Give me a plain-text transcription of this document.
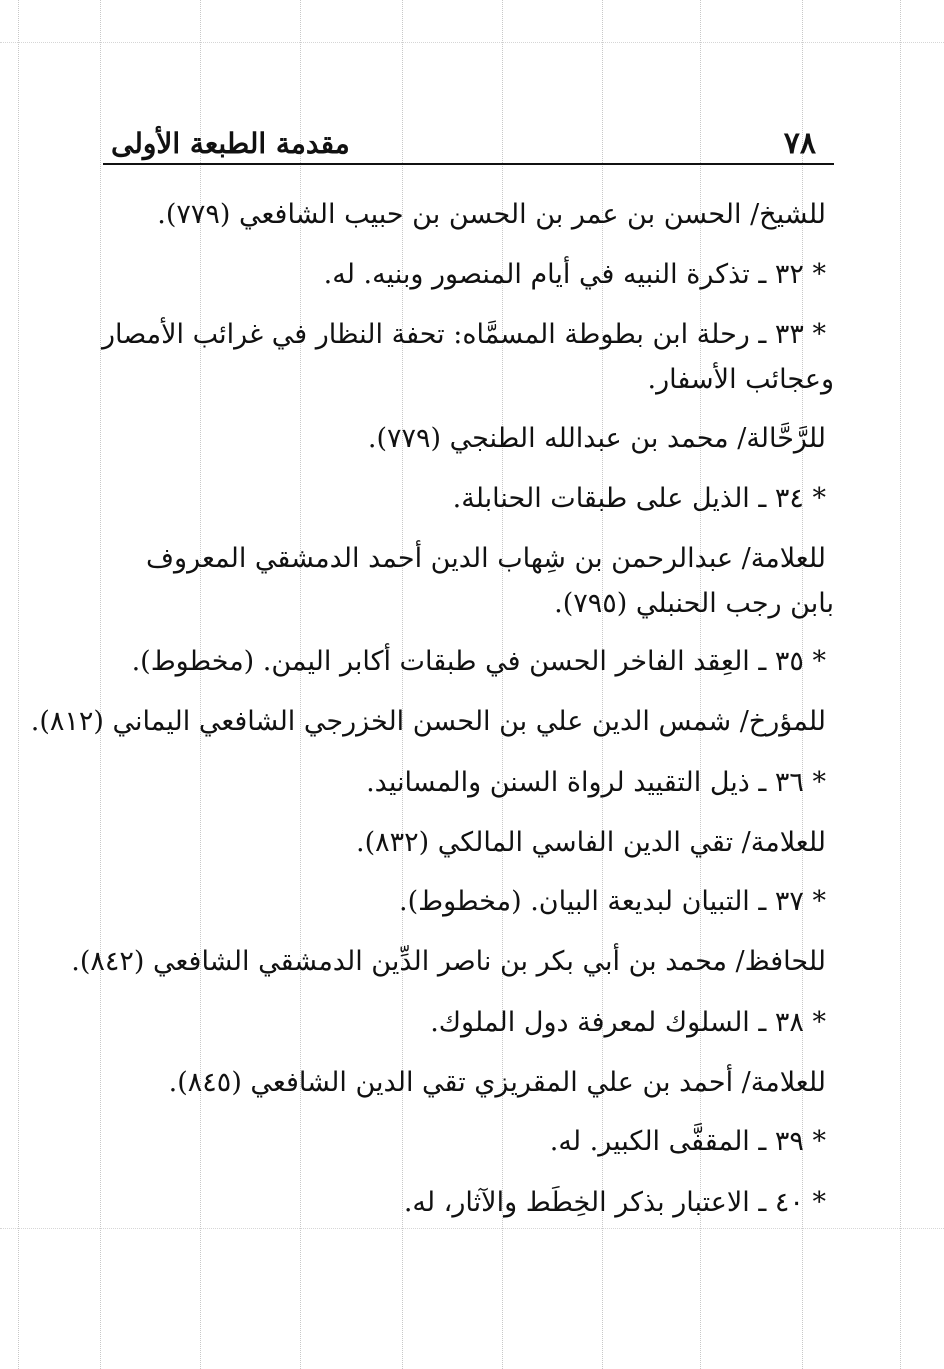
٧٨
مقدمة الطبعة الأولى
للشيخ/ الحسن بن عمر بن الحسن بن حبيب الشافعي (٧٧٩).
* ٣٢ ـ تذكرة النبيه في أيام المنصور وبنيه. له.
* ٣٣ ـ رحلة ابن بطوطة المسمَّاه: تحفة النظار في غرائب الأمصار
وعجائب الأسفار.
للرَّحَّالة/ محمد بن عبدالله الطنجي (٧٧٩).
* ٣٤ ـ الذيل على طبقات الحنابلة.
للعلامة/ عبدالرحمن بن شِهاب الدين أحمد الدمشقي المعروف
بابن رجب الحنبلي (٧٩٥).
* ٣٥ ـ العِقد الفاخر الحسن في طبقات أكابر اليمن. (مخطوط).
للمؤرخ/ شمس الدين علي بن الحسن الخزرجي الشافعي اليماني (٨١٢).
* ٣٦ ـ ذيل التقييد لرواة السنن والمسانيد.
للعلامة/ تقي الدين الفاسي المالكي (٨٣٢).
* ٣٧ ـ التبيان لبديعة البيان. (مخطوط).
للحافظ/ محمد بن أبي بكر بن ناصر الدِّين الدمشقي الشافعي (٨٤٢).
* ٣٨ ـ السلوك لمعرفة دول الملوك.
للعلامة/ أحمد بن علي المقريزي تقي الدين الشافعي (٨٤٥).
* ٣٩ ـ المقفَّى الكبير. له.
* ٤٠ ـ الاعتبار بذكر الخِطَط والآثار، له.
